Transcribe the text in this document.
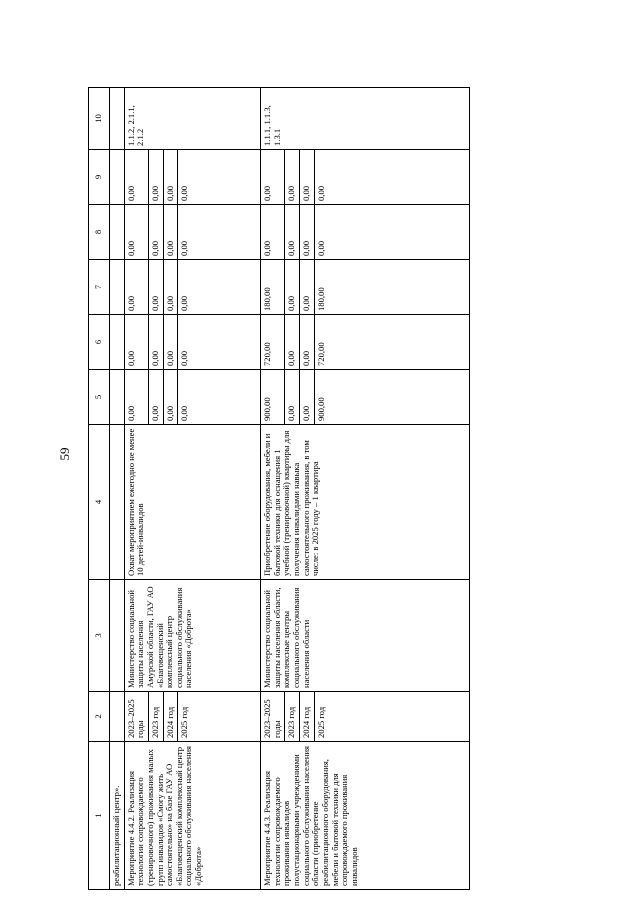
59
1	2	3	4	5	6	7	8	9	10
реабилитационный центр».									
Мероприятие 4.4.2. Реализация технологии сопровождаемого (тренировочного) проживания малых групп инвалидов «Смогу жить самостоятельно» на базе ГАУ АО «Благовещенский комплексный центр социального обслуживания населения «Доброта»	2023–2025 годы	Министерство социальной защиты населения Амурской области, ГАУ АО «Благовещенский комплексный центр социального обслуживания населения «Доброта»	Охват мероприятием ежегодно не менее 10 детей-инвалидов	0,00	0,00	0,00	0,00	0,00	1.1.2, 2.1.1, 2.1.2
	2023 год			0,00	0,00	0,00	0,00	0,00	
	2024 год			0,00	0,00	0,00	0,00	0,00	
	2025 год			0,00	0,00	0,00	0,00	0,00	
Мероприятие 4.4.3. Реализация технологии сопровождаемого проживания инвалидов полустационарными учреждениями социального обслуживания населения области (приобретение реабилитационного оборудования, мебели и бытовой техники для сопровождаемого проживания инвалидов	2023–2025 годы	Министерство социальной защиты населения области, комплексные центры социального обслуживания населения области	Приобретение оборудования, мебели и бытовой техники для оснащения 1 учебной (тренировочной) квартиры для получения инвалидами навыка самостоятельного проживания, в том числе: в 2025 году – 1 квартира	900,00	720,00	180,00	0,00	0,00	1.1.1, 1.1.3, 1.3.1
	2023 год			0,00	0,00	0,00	0,00	0,00	
	2024 год			0,00	0,00	0,00	0,00	0,00	
	2025 год			900,00	720,00	180,00	0,00	0,00	
